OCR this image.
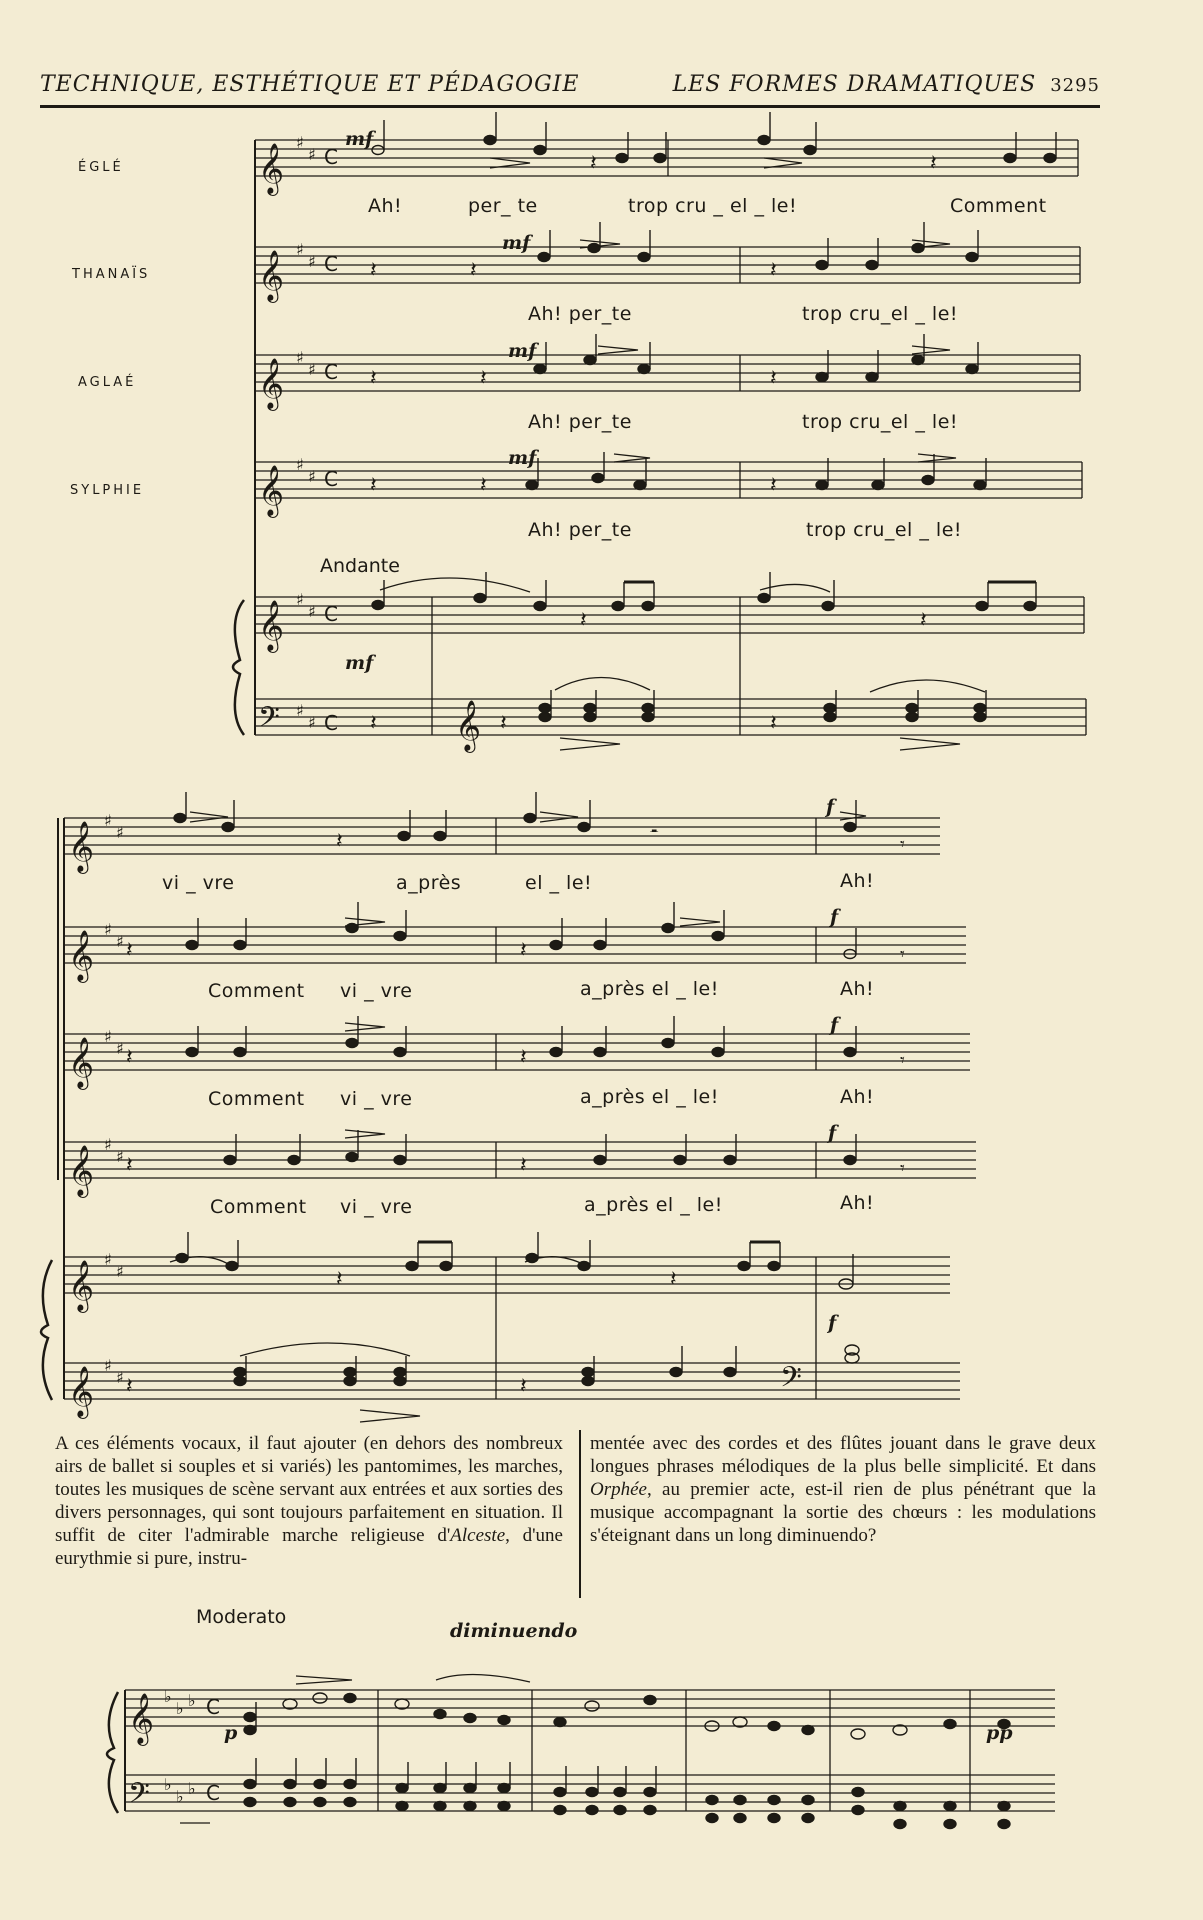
TECHNIQUE, ESTHÉTIQUE ET PÉDAGOGIE	LES FORMES DRAMATIQUES 3295
𝄞
𝄞
𝄞
𝄞
𝄞
𝄢	𝄞
♯
♯ C
♯
♯ C
♯
♯ C
♯
♯ C
♯
♯ C
♯
♯ C
𝄽	𝄽
𝄽	𝄽	𝄽
𝄽	𝄽	𝄽
𝄽	𝄽	𝄽
𝄽	𝄽
𝄽	𝄽	𝄽
ÉGLÉ
THANAÏS
AGLAÉ
SYLPHIE
mf
mf
mf
mf
mf
Ah!	per_ te	trop cru _ el _ le!	Comment
Ah! per_te	trop cru_el _ le!
Ah! per_te	trop cru_el _ le!
Ah! per_te	trop cru_el _ le!
Andante
𝄞
𝄞
𝄞
𝄞
𝄞
𝄞	𝄢
♯
♯
♯
♯
♯
♯
♯
♯
♯
♯
♯
♯
𝄽	𝄼
𝄽	𝄽
𝄽	𝄽
𝄽	𝄽
𝄽	𝄽
𝄽	𝄽
𝄾
𝄾
𝄾
𝄾
vi _ vre	a_près	el _ le!	Ah!
Comment vi _ vre	a_près el _ le!	Ah!
Comment vi _ vre	a_près el _ le!	Ah!
Comment vi _ vre	a_près el _ le!	Ah!
f
f
f
f
f
A ces éléments vocaux, il faut ajouter (en dehors des nombreux airs de ballet si souples et si variés) les pantomimes, les marches, toutes les musiques de scène servant aux entrées et aux sorties des divers personnages, qui sont toujours parfaitement en situation. Il suffit de citer l'admirable marche religieuse d'Alceste, d'une eurythmie si pure, instru-
mentée avec des cordes et des flûtes jouant dans le grave deux longues phrases mélodiques de la plus belle simplicité. Et dans Orphée, au premier acte, est-il rien de plus pénétrant que la musique accompagnant la sortie des chœurs : les modulations s'éteignant dans un long diminuendo?
Moderato
diminuendo
𝄞
𝄢
♭
♭ ♭ C
♭
♭ ♭ C
p	pp
